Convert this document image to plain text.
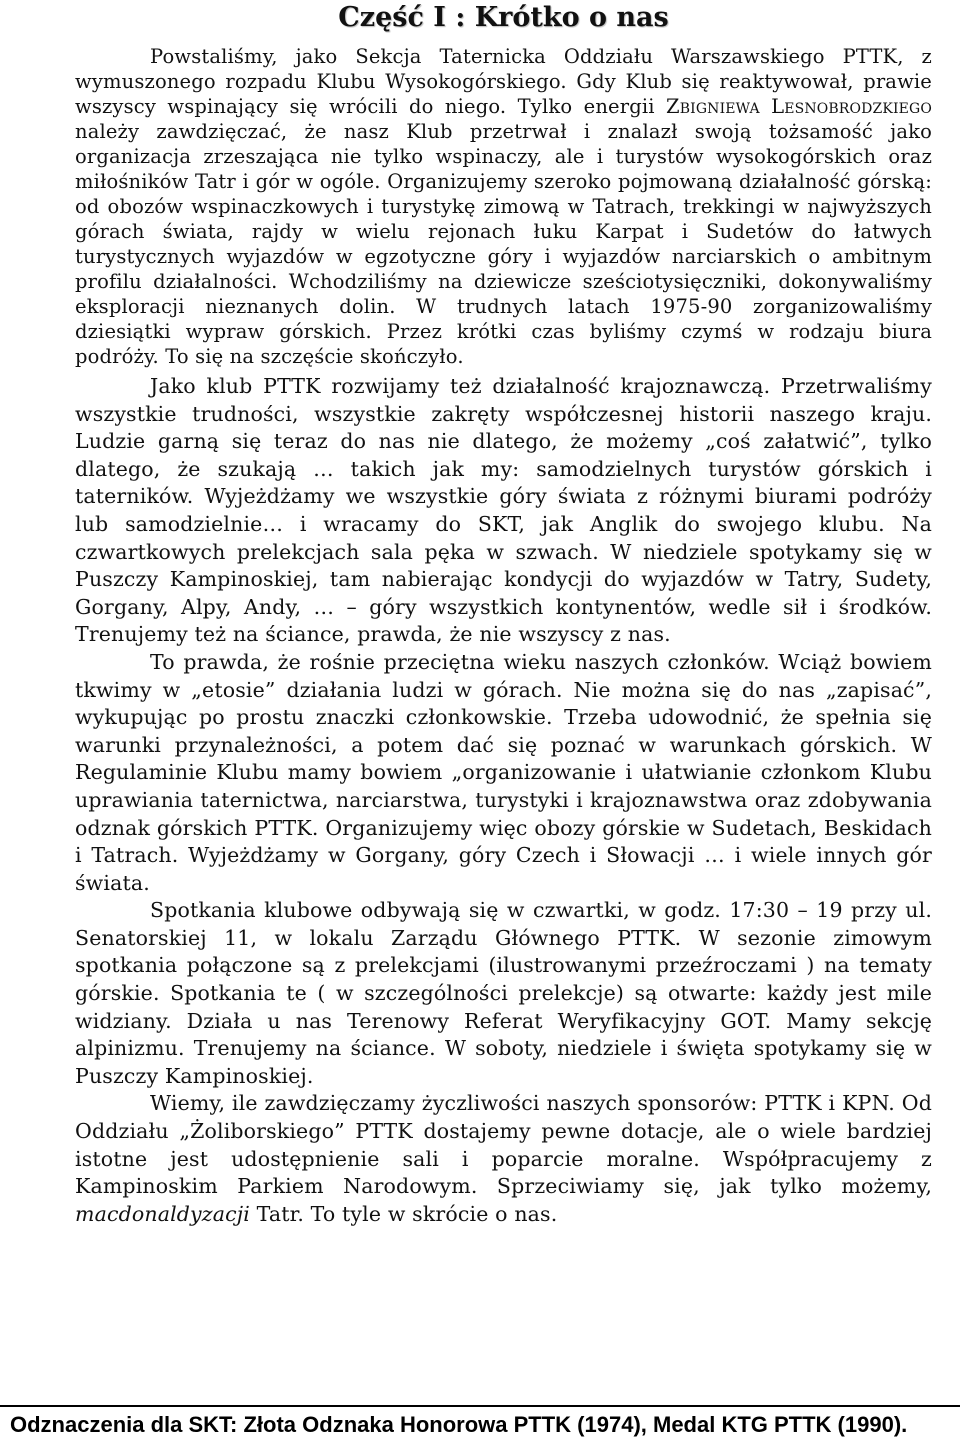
Część I : Krótko o nas

Powstaliśmy, jako Sekcja Taternicka Oddziału Warszawskiego PTTK, z wymuszonego rozpadu Klubu Wysokogórskiego. Gdy Klub się reaktywował, prawie wszyscy wspinający się wrócili do niego. Tylko energii Zbigniewa Lesnobrodzkiego należy zawdzięczać, że nasz Klub przetrwał i znalazł swoją tożsamość jako organizacja zrzeszająca nie tylko wspinaczy, ale i turystów wysokogórskich oraz miłośników Tatr i gór w ogóle. Organizujemy szeroko pojmowaną działalność górską: od obozów wspinaczkowych i turystykę zimową w Tatrach, trekkingi w najwyższych górach świata, rajdy w wielu rejonach łuku Karpat i Sudetów do łatwych turystycznych wyjazdów w egzotyczne góry i wyjazdów narciarskich o ambitnym profilu działalności. Wchodziliśmy na dziewicze sześciotysięczniki, dokonywaliśmy eksploracji nieznanych dolin. W trudnych latach 1975-90 zorganizowaliśmy dziesiątki wypraw górskich. Przez krótki czas byliśmy czymś w rodzaju biura podróży. To się na szczęście skończyło.

Jako klub PTTK rozwijamy też działalność krajoznawczą. Przetrwaliśmy wszystkie trudności, wszystkie zakręty współczesnej historii naszego kraju. Ludzie garną się teraz do nas nie dlatego, że możemy „coś załatwić”, tylko dlatego, że szukają … takich jak my: samodzielnych turystów górskich i taterników. Wyjeżdżamy we wszystkie góry świata z różnymi biurami podróży lub samodzielnie… i wracamy do SKT, jak Anglik do swojego klubu. Na czwartkowych prelekcjach sala pęka w szwach. W niedziele spotykamy się w Puszczy Kampinoskiej, tam nabierając kondycji do wyjazdów w Tatry, Sudety, Gorgany, Alpy, Andy, … – góry wszystkich kontynentów, wedle sił i środków. Trenujemy też na ściance, prawda, że nie wszyscy z nas.

To prawda, że rośnie przeciętna wieku naszych członków. Wciąż bowiem tkwimy w „etosie” działania ludzi w górach. Nie można się do nas „zapisać”, wykupując po prostu znaczki członkowskie. Trzeba udowodnić, że spełnia się warunki przynależności, a potem dać się poznać w warunkach górskich. W Regulaminie Klubu mamy bowiem „organizowanie i ułatwianie członkom Klubu uprawiania taternictwa, narciarstwa, turystyki i krajoznawstwa oraz zdobywania odznak górskich PTTK. Organizujemy więc obozy górskie w Sudetach, Beskidach i Tatrach. Wyjeżdżamy w Gorgany, góry Czech i Słowacji … i wiele innych gór świata.

Spotkania klubowe odbywają się w czwartki, w godz. 17:30 – 19 przy ul. Senatorskiej 11, w lokalu Zarządu Głównego PTTK. W sezonie zimowym spotkania połączone są z prelekcjami (ilustrowanymi przeźroczami ) na tematy górskie. Spotkania te ( w szczególności prelekcje) są otwarte: każdy jest mile widziany. Działa u nas Terenowy Referat Weryfikacyjny GOT. Mamy sekcję alpinizmu. Trenujemy na ściance. W soboty, niedziele i święta spotykamy się w Puszczy Kampinoskiej.

Wiemy, ile zawdzięczamy życzliwości naszych sponsorów: PTTK i KPN. Od Oddziału „Żoliborskiego” PTTK dostajemy pewne dotacje, ale o wiele bardziej istotne jest udostępnienie sali i poparcie moralne. Współpracujemy z Kampinoskim Parkiem Narodowym. Sprzeciwiamy się, jak tylko możemy, macdonaldyzacji Tatr. To tyle w skrócie o nas.

Odznaczenia dla SKT: Złota Odznaka Honorowa PTTK (1974), Medal KTG PTTK (1990).
